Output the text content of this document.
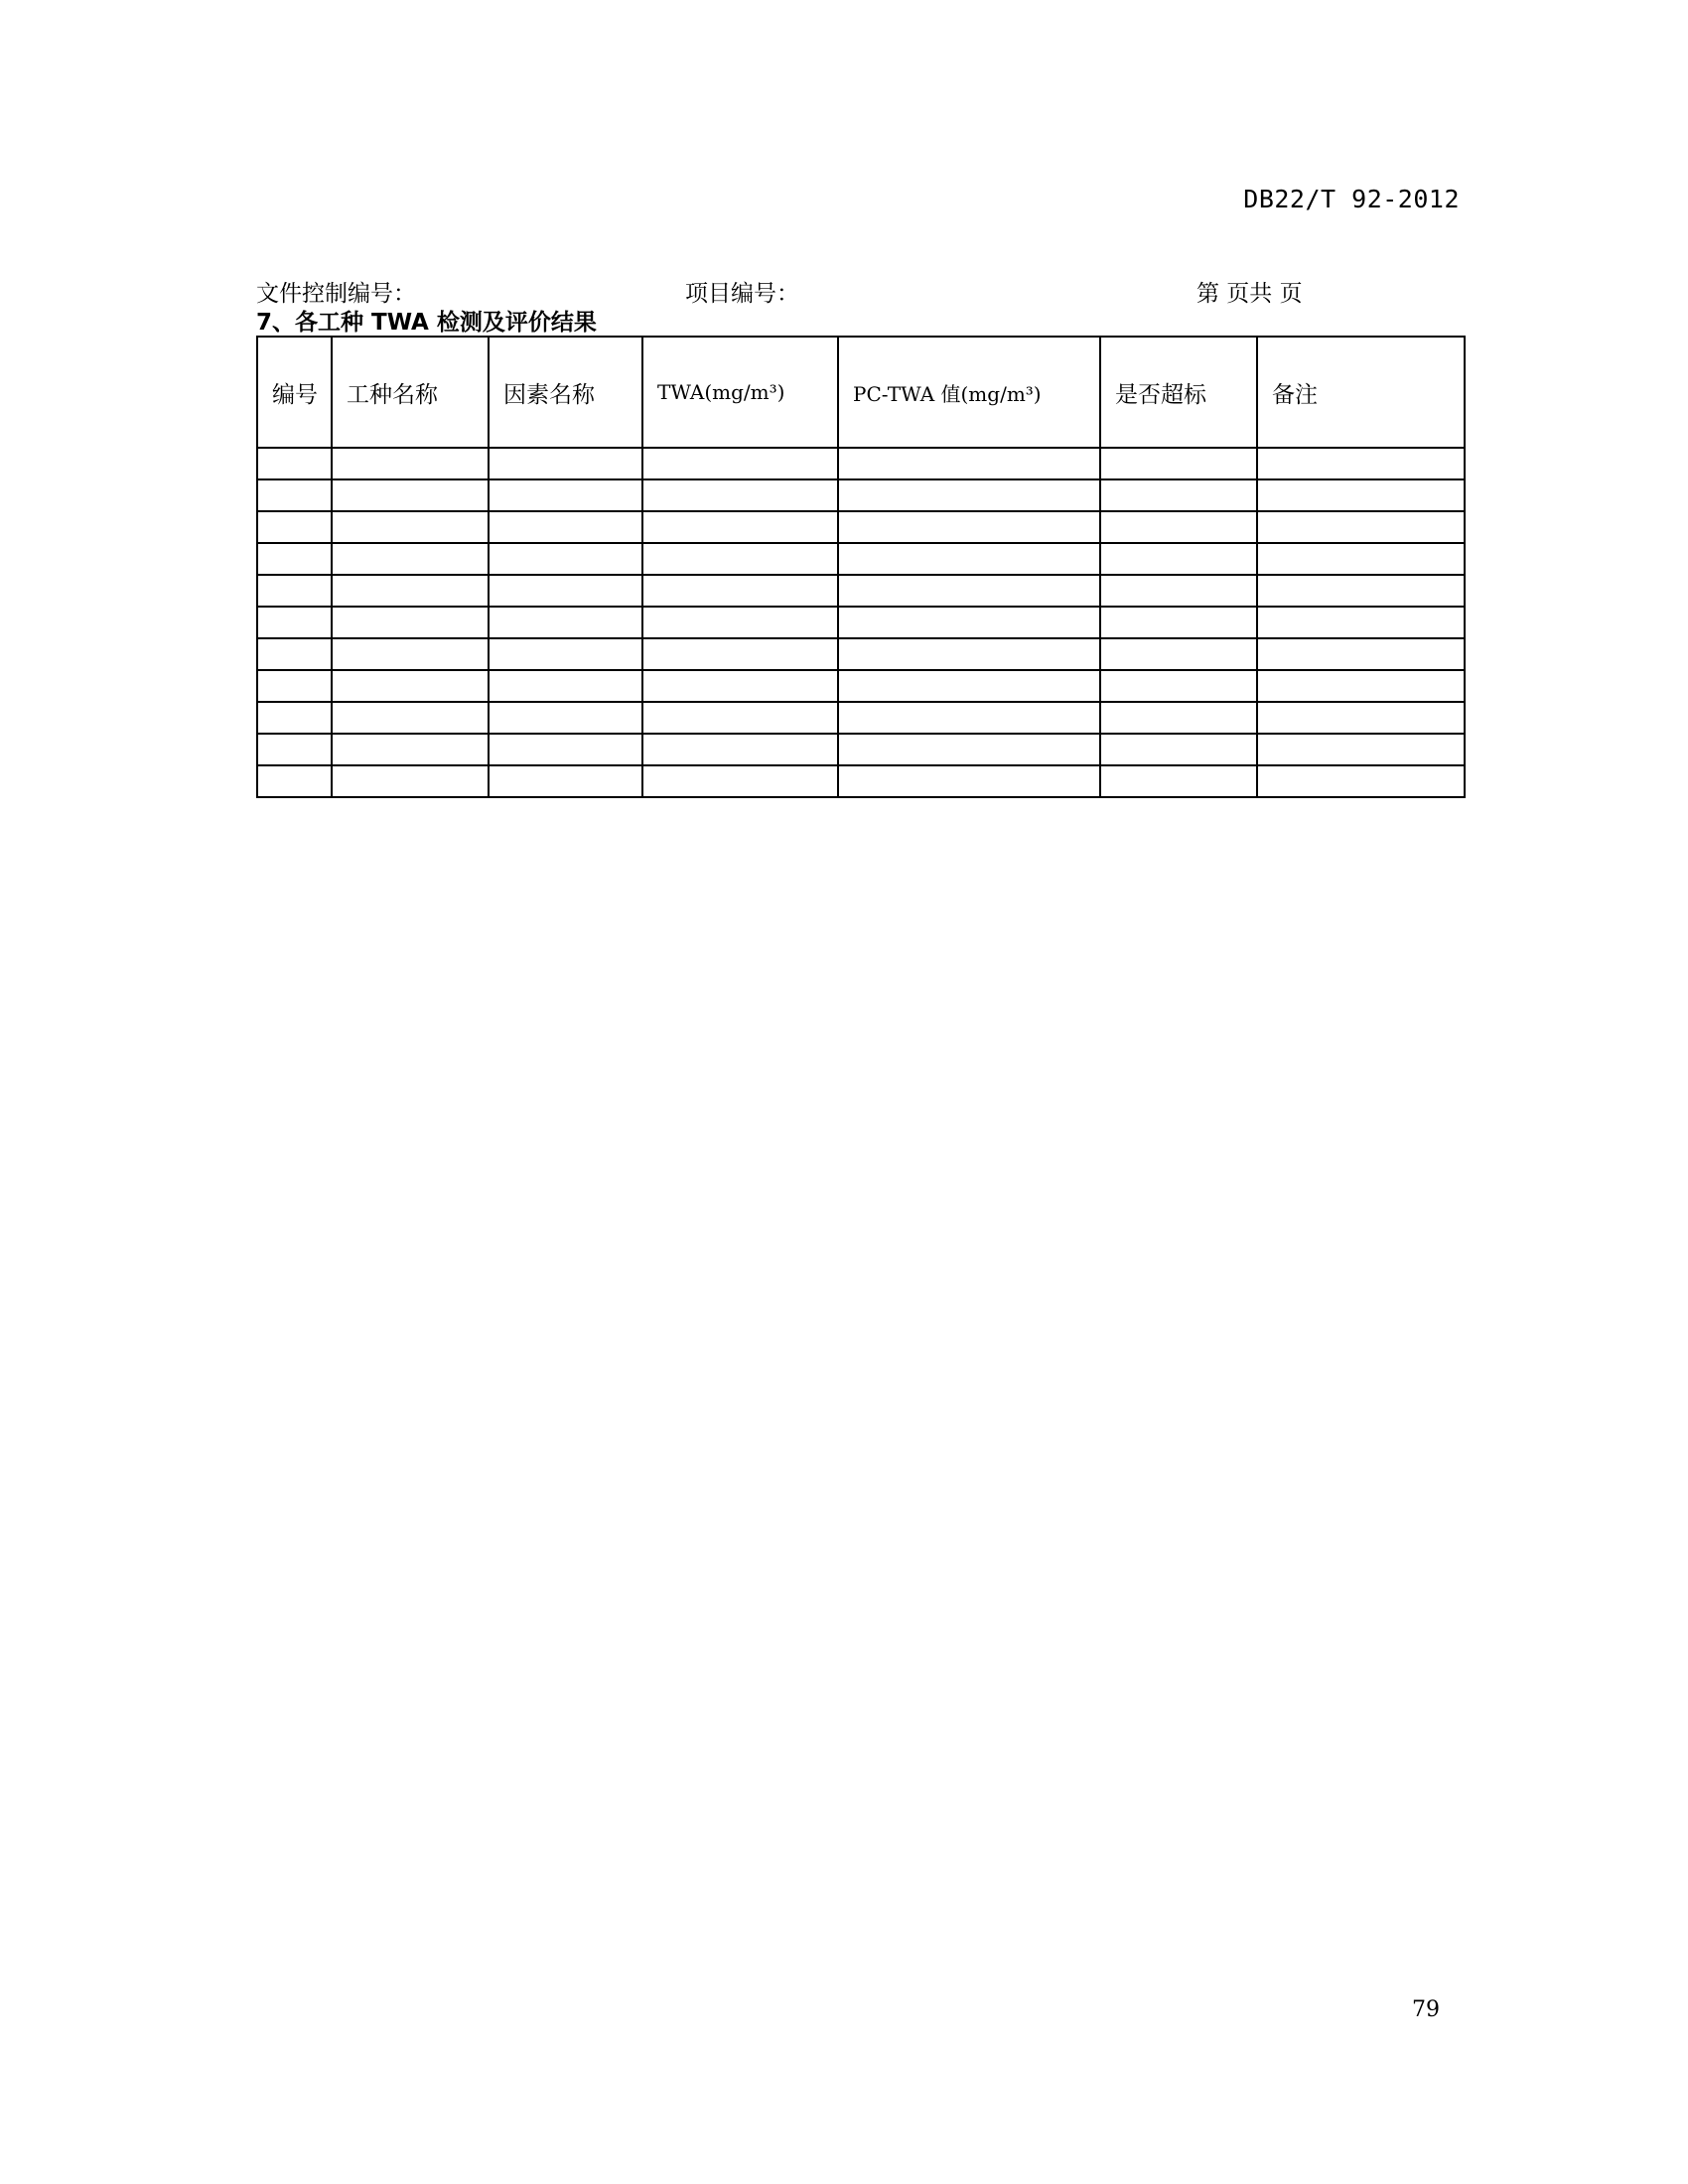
DB22/T 92-2012
文件控制编号：	项目编号：	第 页共 页
7、各工种 TWA 检测及评价结果
编号	工种名称	因素名称	TWA(mg/m³)	PC-TWA 值(mg/m³)	是否超标	备注

79
